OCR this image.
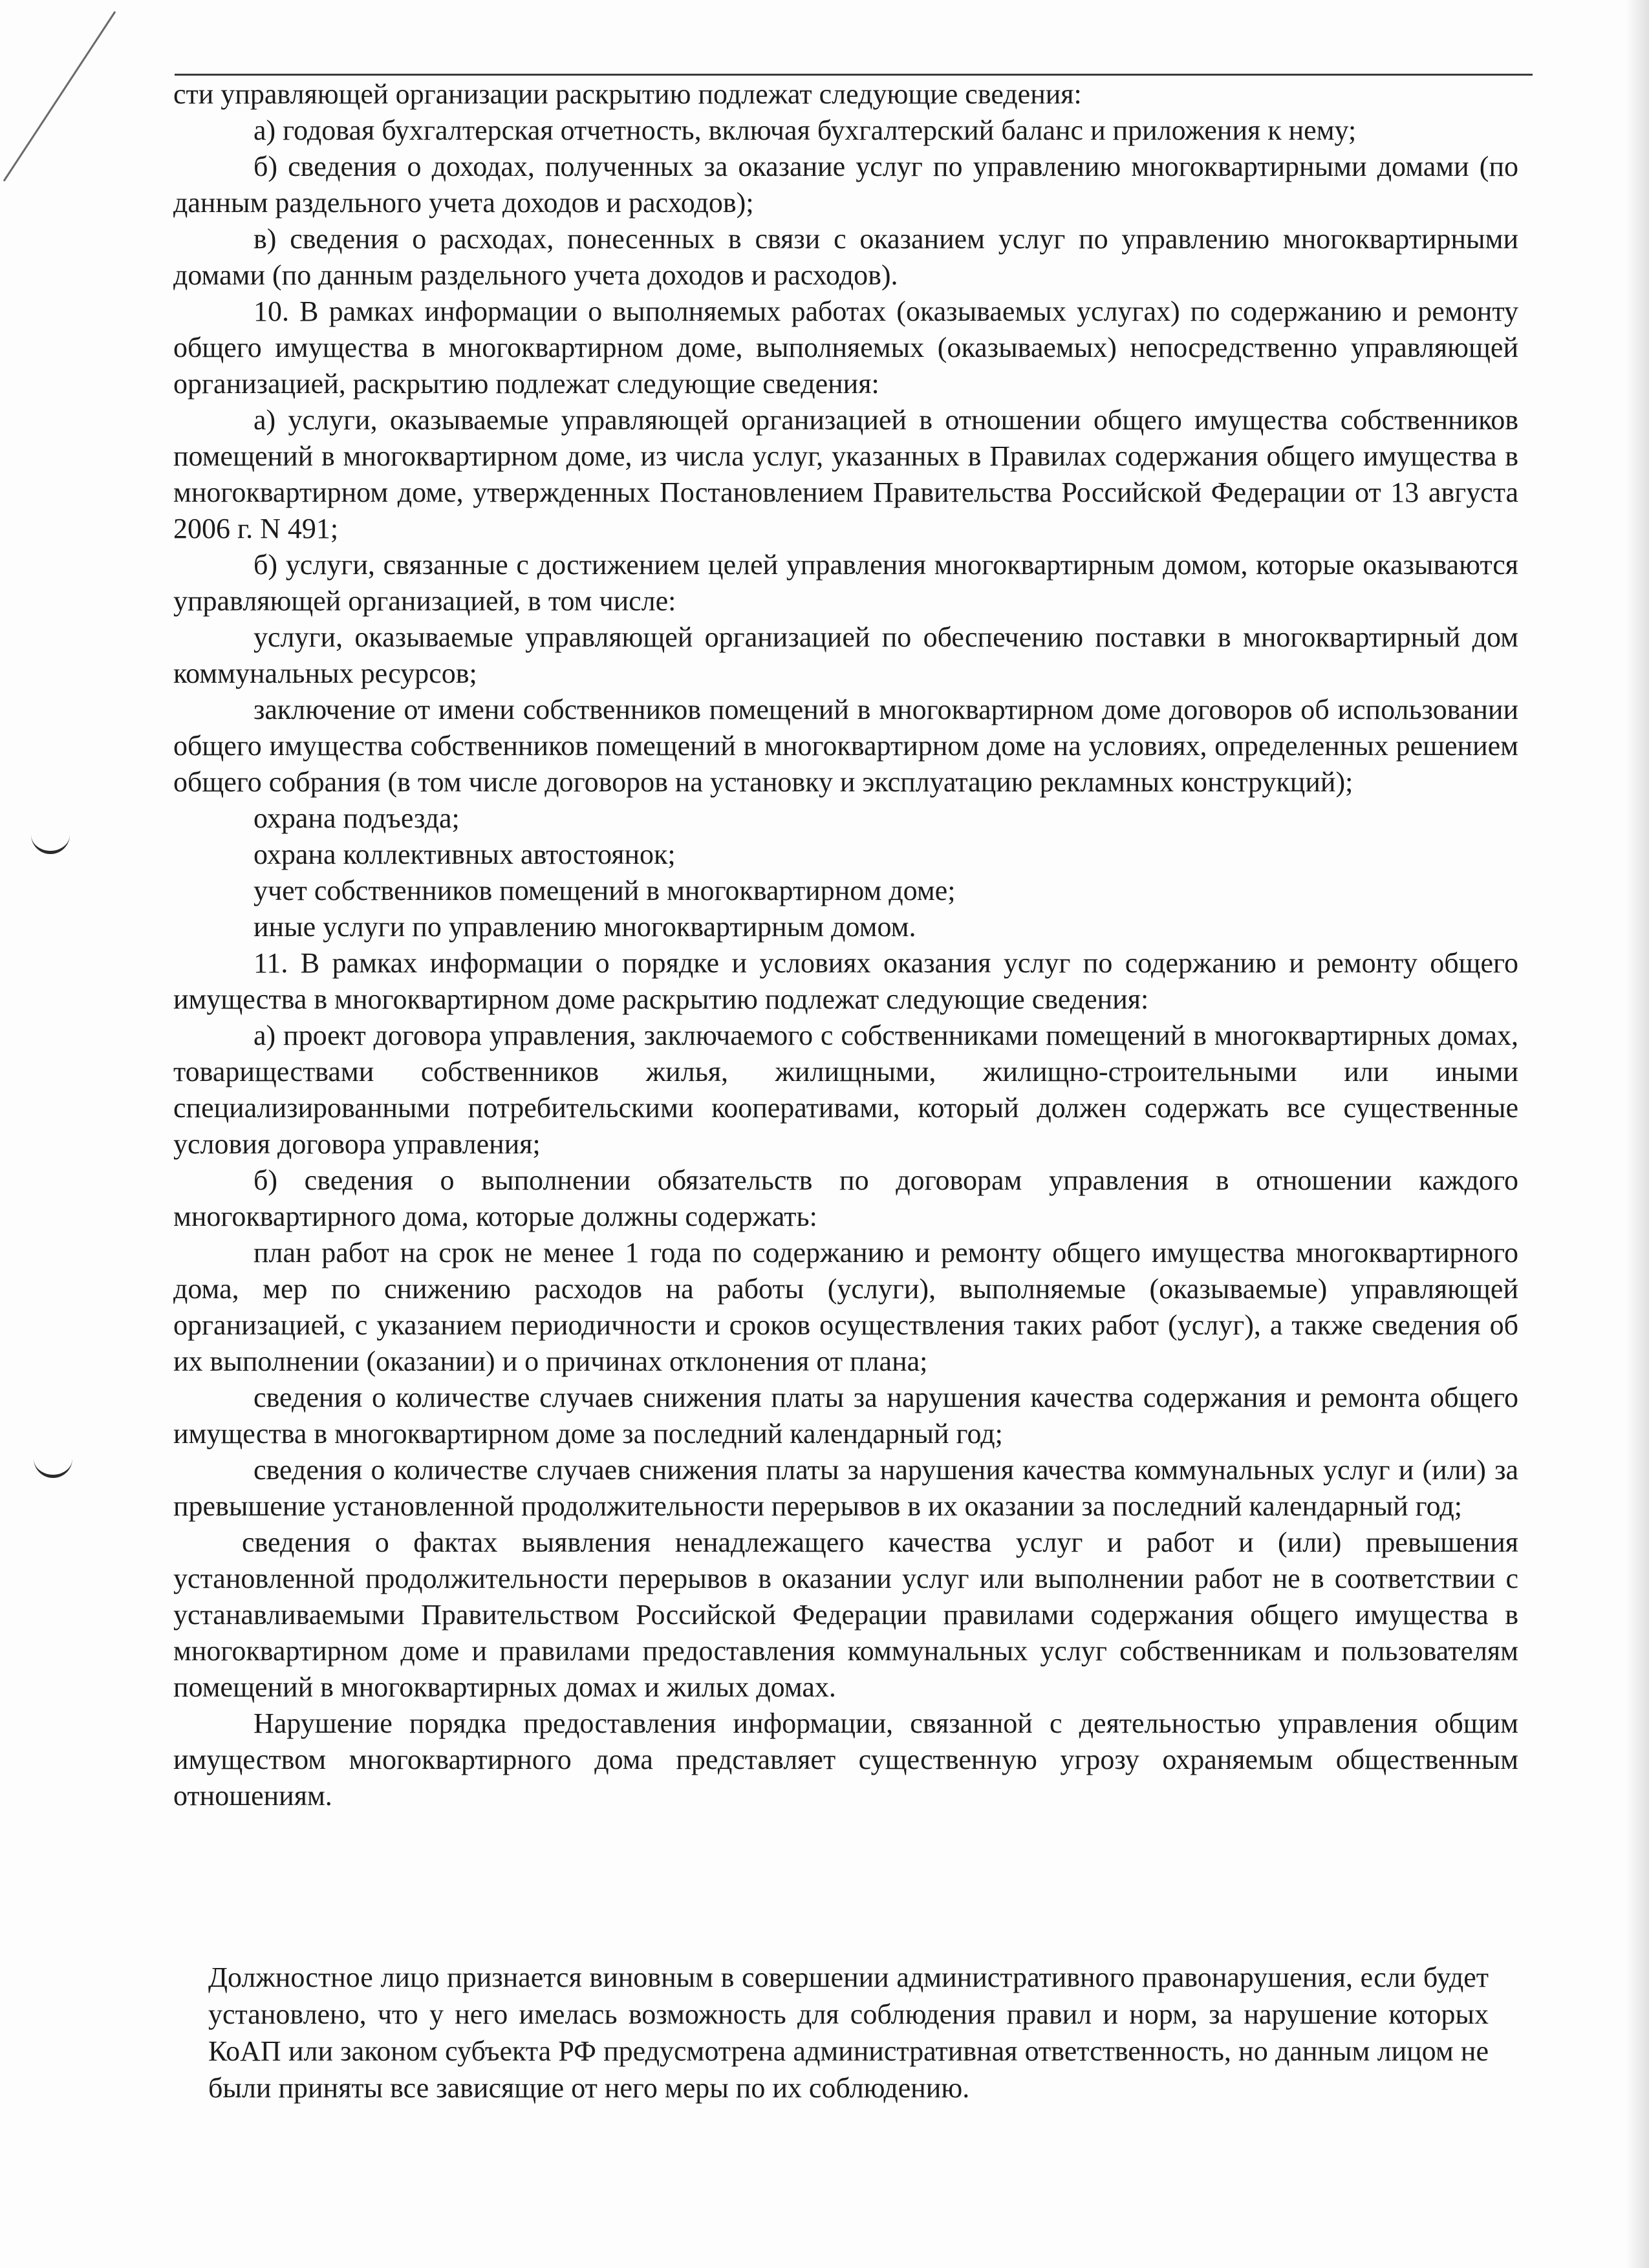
сти управляющей организации раскрытию подлежат следующие сведения:

а) годовая бухгалтерская отчетность, включая бухгалтерский баланс и приложения к нему;

б) сведения о доходах, полученных за оказание услуг по управлению многоквартирными домами (по данным раздельного учета доходов и расходов);

в) сведения о расходах, понесенных в связи с оказанием услуг по управлению многоквартирными домами (по данным раздельного учета доходов и расходов).

10. В рамках информации о выполняемых работах (оказываемых услугах) по содержанию и ремонту общего имущества в многоквартирном доме, выполняемых (оказываемых) непосредственно управляющей организацией, раскрытию подлежат следующие сведения:

а) услуги, оказываемые управляющей организацией в отношении общего имущества собственников помещений в многоквартирном доме, из числа услуг, указанных в Правилах содержания общего имущества в многоквартирном доме, утвержденных Постановлением Правительства Российской Федерации от 13 августа 2006 г. N 491;

б) услуги, связанные с достижением целей управления многоквартирным домом, которые оказываются управляющей организацией, в том числе:

услуги, оказываемые управляющей организацией по обеспечению поставки в многоквартирный дом коммунальных ресурсов;

заключение от имени собственников помещений в многоквартирном доме договоров об использовании общего имущества собственников помещений в многоквартирном доме на условиях, определенных решением общего собрания (в том числе договоров на установку и эксплуатацию рекламных конструкций);

охрана подъезда;

охрана коллективных автостоянок;

учет собственников помещений в многоквартирном доме;

иные услуги по управлению многоквартирным домом.

11. В рамках информации о порядке и условиях оказания услуг по содержанию и ремонту общего имущества в многоквартирном доме раскрытию подлежат следующие сведения:

а) проект договора управления, заключаемого с собственниками помещений в многоквартирных домах, товариществами собственников жилья, жилищными, жилищно-строительными или иными специализированными потребительскими кооперативами, который должен содержать все существенные условия договора управления;

б) сведения о выполнении обязательств по договорам управления в отношении каждого многоквартирного дома, которые должны содержать:

план работ на срок не менее 1 года по содержанию и ремонту общего имущества многоквартирного дома, мер по снижению расходов на работы (услуги), выполняемые (оказываемые) управляющей организацией, с указанием периодичности и сроков осуществления таких работ (услуг), а также сведения об их выполнении (оказании) и о причинах отклонения от плана;

сведения о количестве случаев снижения платы за нарушения качества содержания и ремонта общего имущества в многоквартирном доме за последний календарный год;

сведения о количестве случаев снижения платы за нарушения качества коммунальных услуг и (или) за превышение установленной продолжительности перерывов в их оказании за последний календарный год;

сведения о фактах выявления ненадлежащего качества услуг и работ и (или) превышения установленной продолжительности перерывов в оказании услуг или выполнении работ не в соответствии с устанавливаемыми Правительством Российской Федерации правилами содержания общего имущества в многоквартирном доме и правилами предоставления коммунальных услуг собственникам и пользователям помещений в многоквартирных домах и жилых домах.

Нарушение порядка предоставления информации, связанной с деятельностью управления общим имуществом многоквартирного дома представляет существенную угрозу охраняемым общественным отношениям.

Должностное лицо признается виновным в совершении административного правонарушения, если будет установлено, что у него имелась возможность для соблюдения правил и норм, за нарушение которых КоАП или законом субъекта РФ предусмотрена административная ответственность, но данным лицом не были приняты все зависящие от него меры по их соблюдению.
